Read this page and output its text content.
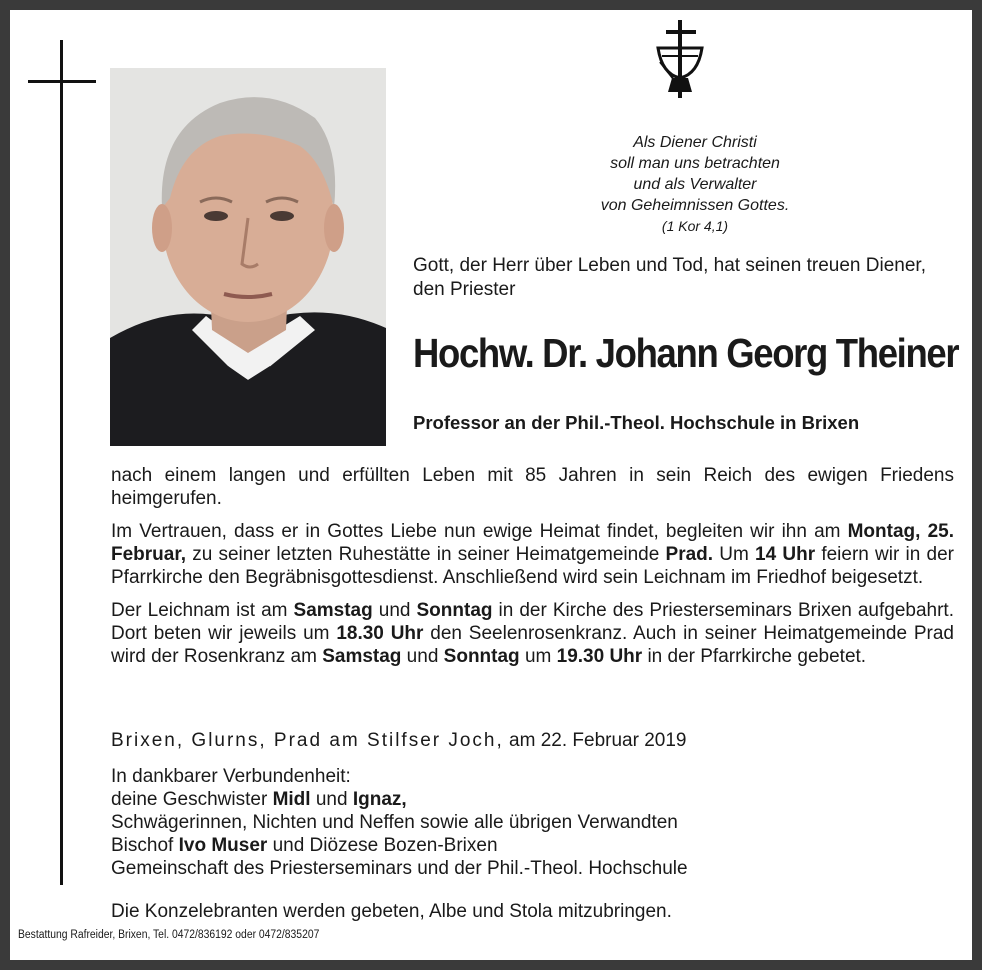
Als Diener Christi
soll man uns betrachten
und als Verwalter
von Geheimnissen Gottes.
(1 Kor 4,1)
Gott, der Herr über Leben und Tod, hat seinen treuen Diener, den Priester
Hochw. Dr. Johann Georg Theiner
Professor an der Phil.-Theol. Hochschule in Brixen

nach einem langen und erfüllten Leben mit 85 Jahren in sein Reich des ewigen Friedens heimgerufen.

Im Vertrauen, dass er in Gottes Liebe nun ewige Heimat findet, begleiten wir ihn am Montag, 25. Februar, zu seiner letzten Ruhestätte in seiner Heimatgemeinde Prad. Um 14 Uhr feiern wir in der Pfarrkirche den Begräbnisgottesdienst. Anschließend wird sein Leichnam im Friedhof beigesetzt.

Der Leichnam ist am Samstag und Sonntag in der Kirche des Priesterseminars Brixen aufgebahrt. Dort beten wir jeweils um 18.30 Uhr den Seelenrosenkranz. Auch in seiner Heimatgemeinde Prad wird der Rosenkranz am Samstag und Sonntag um 19.30 Uhr in der Pfarrkirche gebetet.

Brixen, Glurns, Prad am Stilfser Joch, am 22. Februar 2019
In dankbarer Verbundenheit:
deine Geschwister Midl und Ignaz,
Schwägerinnen, Nichten und Neffen sowie alle übrigen Verwandten
Bischof Ivo Muser und Diözese Bozen-Brixen
Gemeinschaft des Priesterseminars und der Phil.-Theol. Hochschule
Die Konzelebranten werden gebeten, Albe und Stola mitzubringen.
Bestattung Rafreider, Brixen, Tel. 0472/836192 oder 0472/835207
